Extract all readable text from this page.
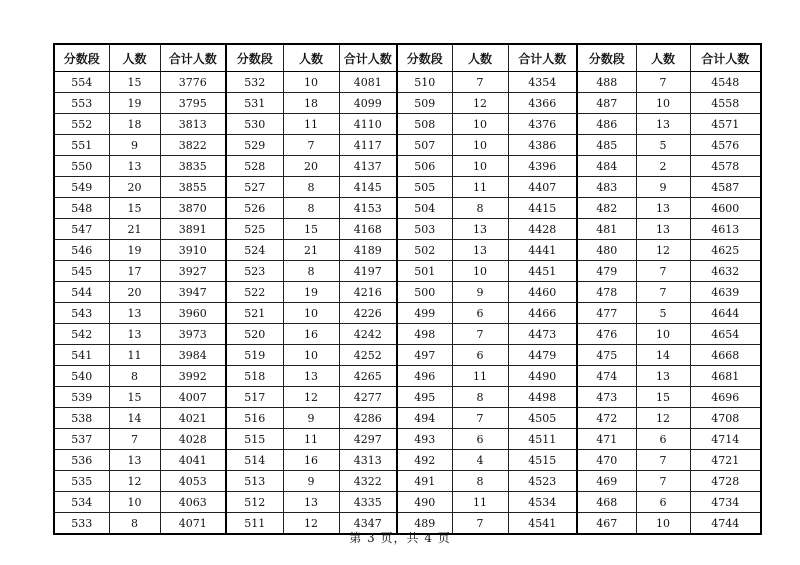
分数段	人数	合计人数	分数段	人数	合计人数	分数段	人数	合计人数	分数段	人数	合计人数
554	15	3776	532	10	4081	510	7	4354	488	7	4548
553	19	3795	531	18	4099	509	12	4366	487	10	4558
552	18	3813	530	11	4110	508	10	4376	486	13	4571
551	9	3822	529	7	4117	507	10	4386	485	5	4576
550	13	3835	528	20	4137	506	10	4396	484	2	4578
549	20	3855	527	8	4145	505	11	4407	483	9	4587
548	15	3870	526	8	4153	504	8	4415	482	13	4600
547	21	3891	525	15	4168	503	13	4428	481	13	4613
546	19	3910	524	21	4189	502	13	4441	480	12	4625
545	17	3927	523	8	4197	501	10	4451	479	7	4632
544	20	3947	522	19	4216	500	9	4460	478	7	4639
543	13	3960	521	10	4226	499	6	4466	477	5	4644
542	13	3973	520	16	4242	498	7	4473	476	10	4654
541	11	3984	519	10	4252	497	6	4479	475	14	4668
540	8	3992	518	13	4265	496	11	4490	474	13	4681
539	15	4007	517	12	4277	495	8	4498	473	15	4696
538	14	4021	516	9	4286	494	7	4505	472	12	4708
537	7	4028	515	11	4297	493	6	4511	471	6	4714
536	13	4041	514	16	4313	492	4	4515	470	7	4721
535	12	4053	513	9	4322	491	8	4523	469	7	4728
534	10	4063	512	13	4335	490	11	4534	468	6	4734
533	8	4071	511	12	4347	489	7	4541	467	10	4744
第 3 页，共 4 页
